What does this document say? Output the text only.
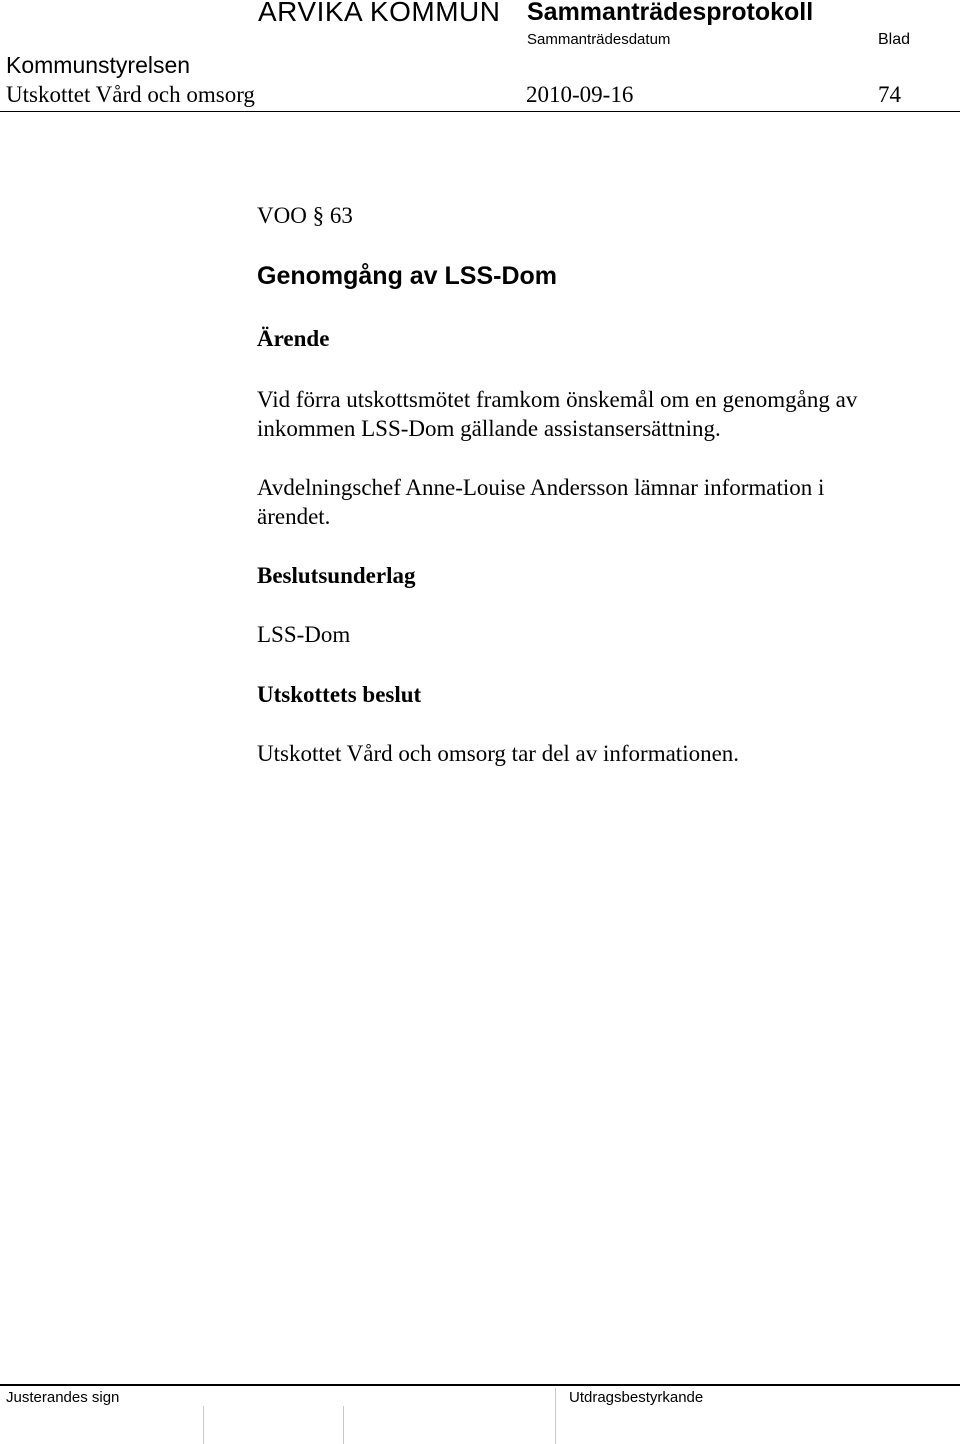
ARVIKA KOMMUN Sammanträdesprotokoll
Sammanträdesdatum	Blad
Kommunstyrelsen
Utskottet Vård och omsorg	2010-09-16	74
VOO § 63
Genomgång av LSS-Dom
Ärende
Vid förra utskottsmötet framkom önskemål om en genomgång av
inkommen LSS-Dom gällande assistansersättning.
Avdelningschef Anne-Louise Andersson lämnar information i
ärendet.
Beslutsunderlag
LSS-Dom
Utskottets beslut
Utskottet Vård och omsorg tar del av informationen.
Justerandes sign	Utdragsbestyrkande
